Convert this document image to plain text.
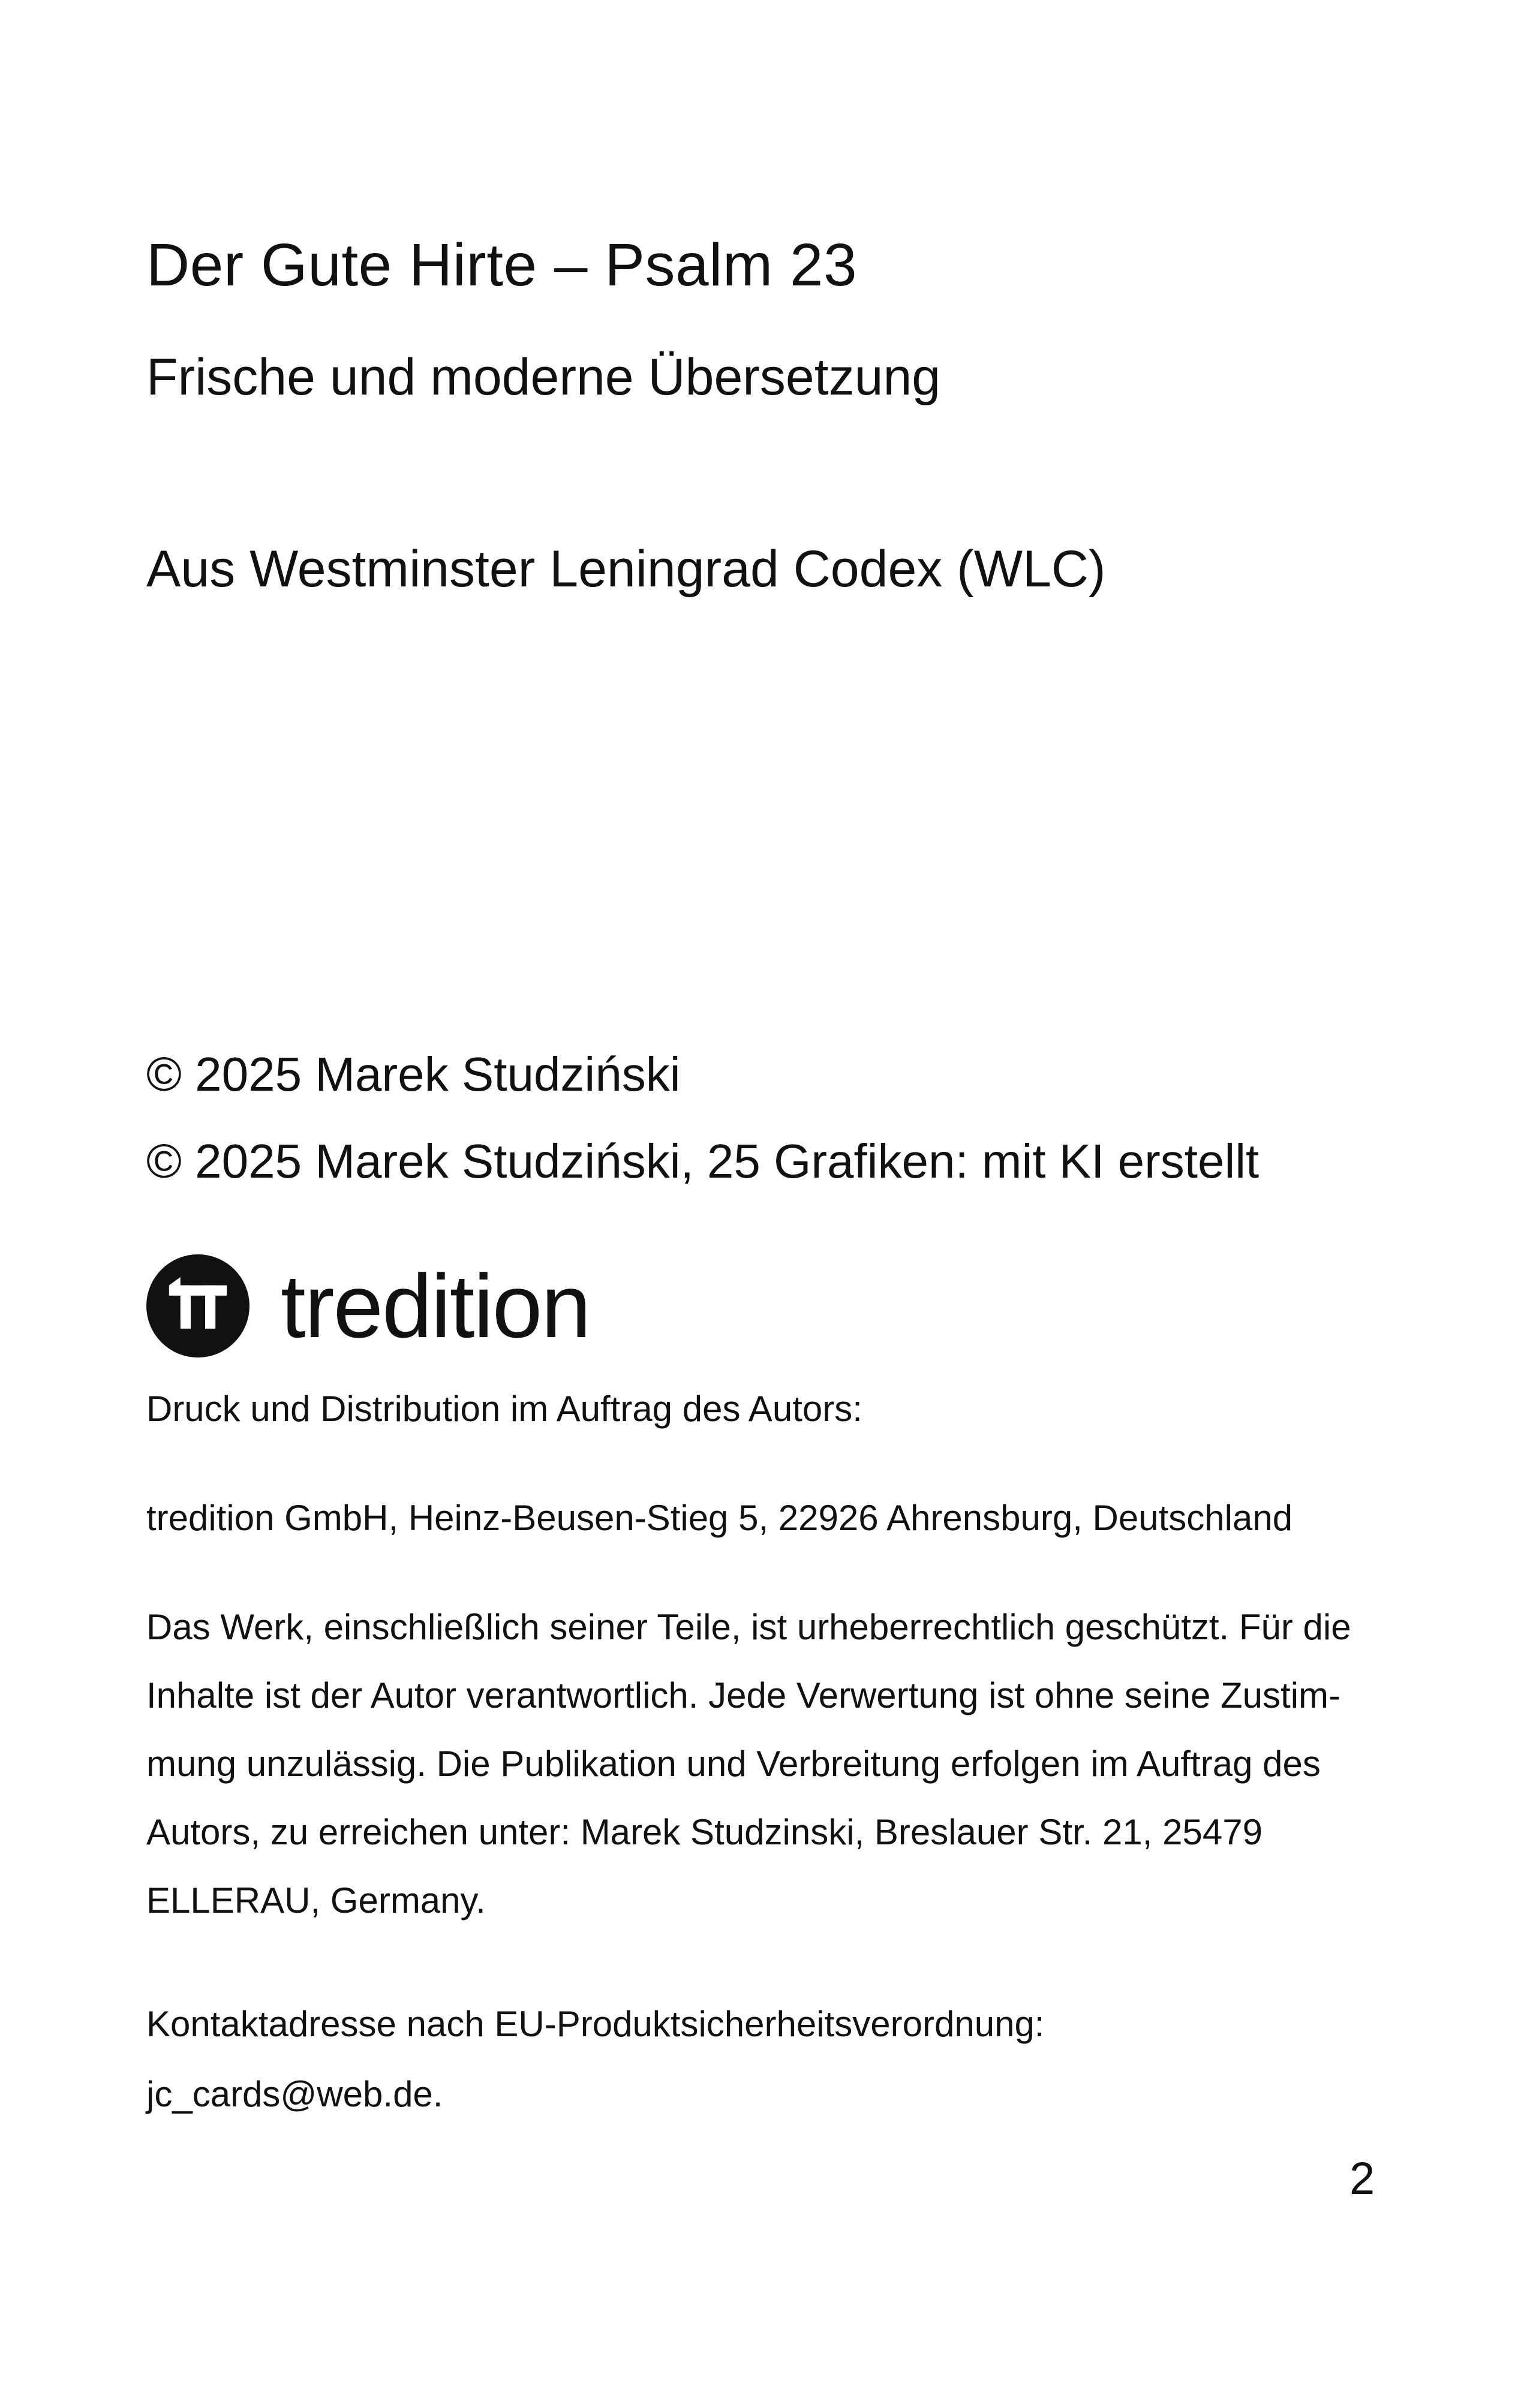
Der Gute Hirte – Psalm 23

Frische und moderne Übersetzung

Aus Westminster Leningrad Codex (WLC)

© 2025 Marek Studziński

© 2025 Marek Studziński, 25 Grafiken: mit KI erstellt

tredition

Druck und Distribution im Auftrag des Autors:

tredition GmbH, Heinz-Beusen-Stieg 5, 22926 Ahrensburg, Deutschland

Das Werk, einschließlich seiner Teile, ist urheberrechtlich geschützt. Für die
Inhalte ist der Autor verantwortlich. Jede Verwertung ist ohne seine Zustim-
mung unzulässig. Die Publikation und Verbreitung erfolgen im Auftrag des
Autors, zu erreichen unter: Marek Studzinski, Breslauer Str. 21, 25479
ELLERAU, Germany.

Kontaktadresse nach EU-Produktsicherheitsverordnung:
jc_cards@web.de.

2
